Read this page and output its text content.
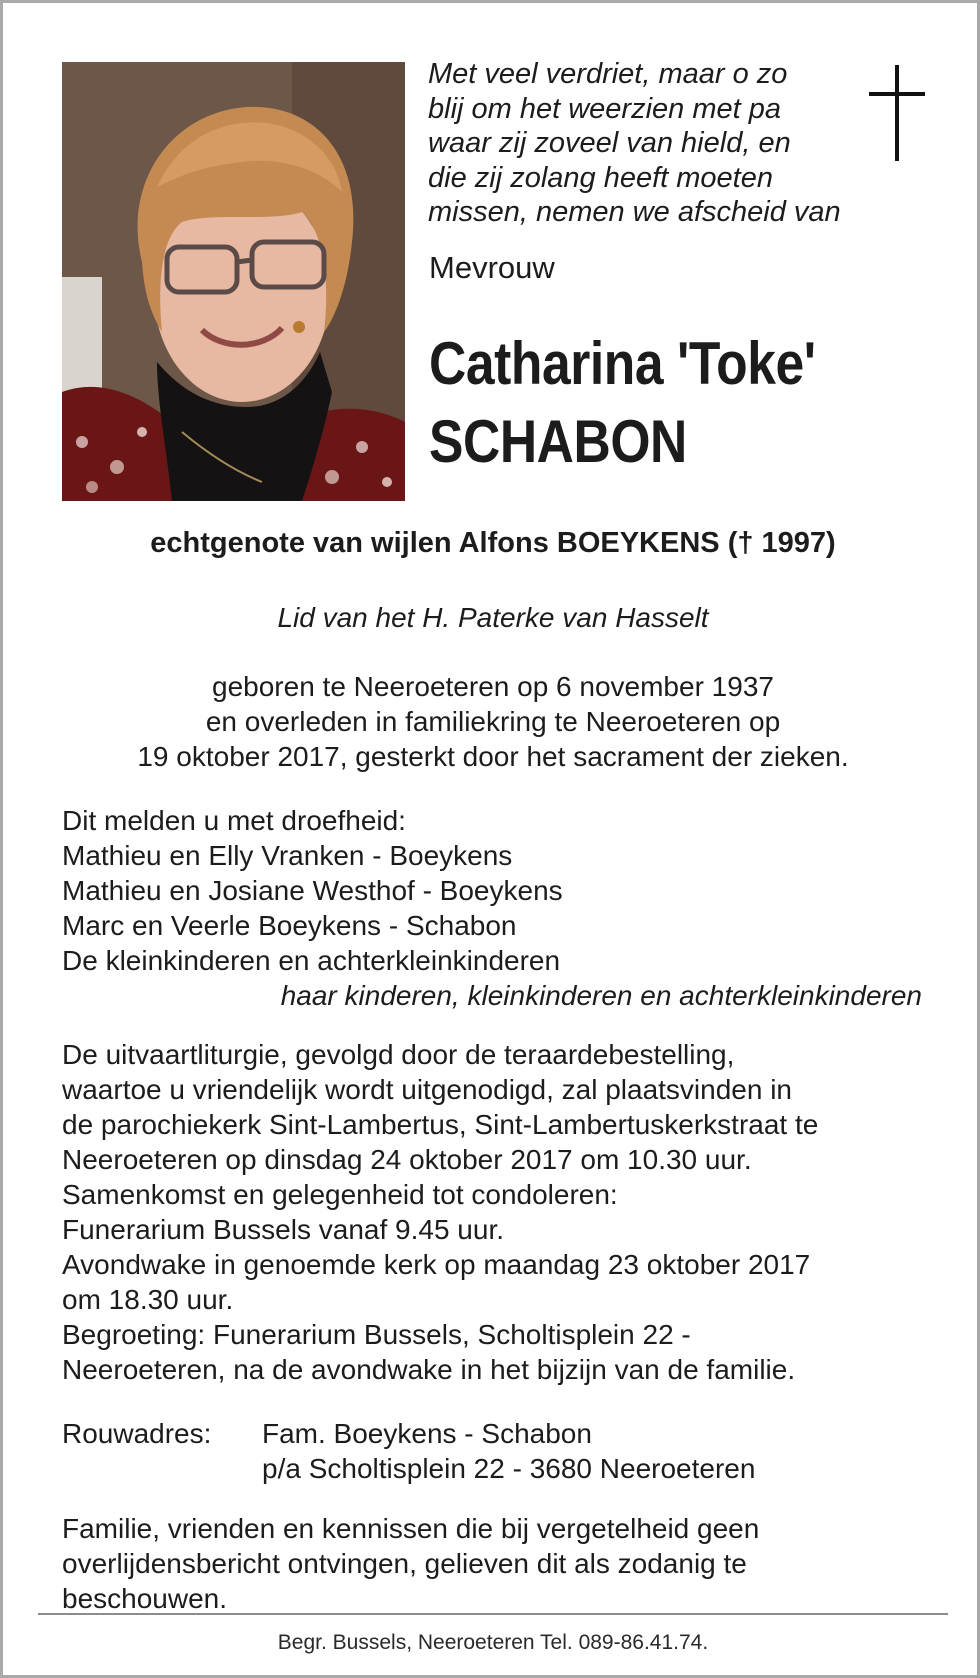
Met veel verdriet, maar o zo
blij om het weerzien met pa
waar zij zoveel van hield, en
die zij zolang heeft moeten
missen, nemen we afscheid van
Mevrouw
Catharina 'Toke'
SCHABON
echtgenote van wijlen Alfons BOEYKENS († 1997)
Lid van het H. Paterke van Hasselt
geboren te Neeroeteren op 6 november 1937
en overleden in familiekring te Neeroeteren op
19 oktober 2017, gesterkt door het sacrament der zieken.
Dit melden u met droefheid:
Mathieu en Elly Vranken - Boeykens
Mathieu en Josiane Westhof - Boeykens
Marc en Veerle Boeykens - Schabon
De kleinkinderen en achterkleinkinderen
haar kinderen, kleinkinderen en achterkleinkinderen
De uitvaartliturgie, gevolgd door de teraardebestelling,
waartoe u vriendelijk wordt uitgenodigd, zal plaatsvinden in
de parochiekerk Sint-Lambertus, Sint-Lambertuskerkstraat te
Neeroeteren op dinsdag 24 oktober 2017 om 10.30 uur.
Samenkomst en gelegenheid tot condoleren:
Funerarium Bussels vanaf 9.45 uur.
Avondwake in genoemde kerk op maandag 23 oktober 2017
om 18.30 uur.
Begroeting: Funerarium Bussels, Scholtisplein 22 -
Neeroeteren, na de avondwake in het bijzijn van de familie.
Rouwadres: Fam. Boeykens - Schabon
p/a Scholtisplein 22 - 3680 Neeroeteren
Familie, vrienden en kennissen die bij vergetelheid geen
overlijdensbericht ontvingen, gelieven dit als zodanig te
beschouwen.
Begr. Bussels, Neeroeteren Tel. 089-86.41.74.
